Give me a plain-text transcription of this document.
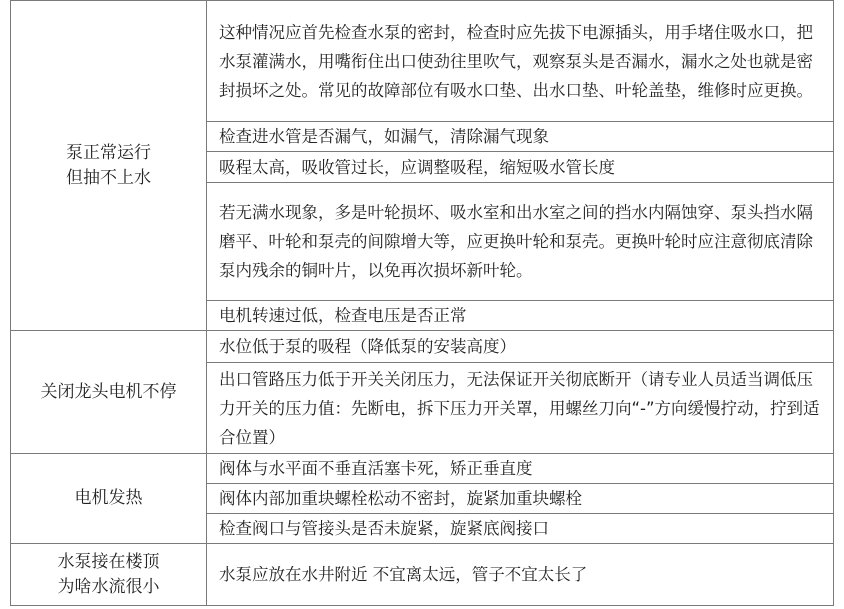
泵正常运行
但抽不上水	这种情况应首先检查水泵的密封，检查时应先拔下电源插头，用手堵住吸水口，把水泵灌满水，用嘴衔住出口使劲往里吹气，观察泵头是否漏水，漏水之处也就是密封损坏之处。常见的故障部位有吸水口垫、出水口垫、叶轮盖垫，维修时应更换。
	检查进水管是否漏气，如漏气，清除漏气现象
	吸程太高，吸收管过长，应调整吸程，缩短吸水管长度
	若无满水现象，多是叶轮损坏、吸水室和出水室之间的挡水内隔蚀穿、泵头挡水隔磨平、叶轮和泵壳的间隙增大等，应更换叶轮和泵壳。更换叶轮时应注意彻底清除泵内残余的铜叶片，以免再次损坏新叶轮。
	电机转速过低，检查电压是否正常
关闭龙头电机不停	水位低于泵的吸程（降低泵的安装高度）
	出口管路压力低于开关关闭压力，无法保证开关彻底断开（请专业人员适当调低压力开关的压力值：先断电，拆下压力开关罩，用螺丝刀向“-”方向缓慢拧动，拧到适合位置）
电机发热	阀体与水平面不垂直活塞卡死，矫正垂直度
	阀体内部加重块螺栓松动不密封，旋紧加重块螺栓
	检查阀口与管接头是否未旋紧，旋紧底阀接口
水泵接在楼顶
为啥水流很小	水泵应放在水井附近 不宜离太远，管子不宜太长了
